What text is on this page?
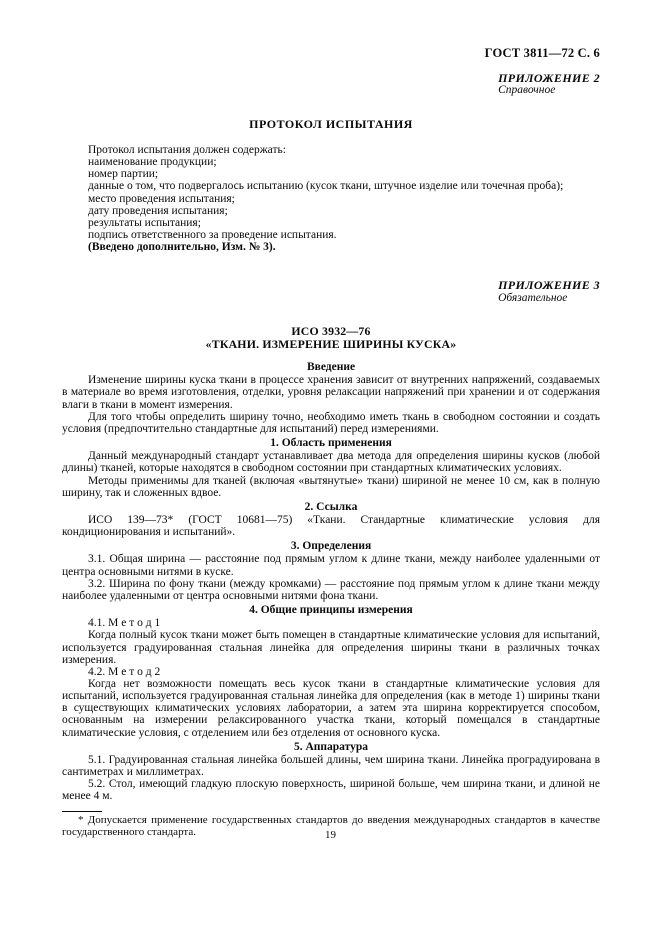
ГОСТ 3811—72 С. 6
ПРИЛОЖЕНИЕ 2
Справочное
ПРОТОКОЛ ИСПЫТАНИЯ
Протокол испытания должен содержать:
наименование продукции;
номер партии;
данные о том, что подвергалось испытанию (кусок ткани, штучное изделие или точечная проба);
место проведения испытания;
дату проведения испытания;
результаты испытания;
подпись ответственного за проведение испытания.
(Введено дополнительно, Изм. № 3).
ПРИЛОЖЕНИЕ 3
Обязательное
ИСО 3932—76
«ТКАНИ. ИЗМЕРЕНИЕ ШИРИНЫ КУСКА»
Введение

Изменение ширины куска ткани в процессе хранения зависит от внутренних напряжений, создаваемых в материале во время изготовления, отделки, уровня релаксации напряжений при хранении и от содержания влаги в ткани в момент измерения.

Для того чтобы определить ширину точно, необходимо иметь ткань в свободном состоянии и создать условия (предпочтительно стандартные для испытаний) перед измерениями.

1. Область применения

Данный международный стандарт устанавливает два метода для определения ширины кусков (любой длины) тканей, которые находятся в свободном состоянии при стандартных климатических условиях.

Методы применимы для тканей (включая «вытянутые» ткани) шириной не менее 10 см, как в полную ширину, так и сложенных вдвое.

2. Ссылка

ИСО 139—73* (ГОСТ 10681—75) «Ткани. Стандартные климатические условия для кондиционирования и испытаний».

3. Определения

3.1. Общая ширина — расстояние под прямым углом к длине ткани, между наиболее удаленными от центра основными нитями в куске.

3.2. Ширина по фону ткани (между кромками) — расстояние под прямым углом к длине ткани между наиболее удаленными от центра основными нитями фона ткани.

4. Общие принципы измерения
4.1. М е т о д 1

Когда полный кусок ткани может быть помещен в стандартные климатические условия для испытаний, используется градуированная стальная линейка для определения ширины ткани в различных точках измерения.

4.2. М е т о д 2

Когда нет возможности помещать весь кусок ткани в стандартные климатические условия для испытаний, используется градуированная стальная линейка для определения (как в методе 1) ширины ткани в существующих климатических условиях лаборатории, а затем эта ширина корректируется способом, основанным на измерении релаксированного участка ткани, который помещался в стандартные климатические условия, с отделением или без отделения от основного куска.

5. Аппаратура

5.1. Градуированная стальная линейка большей длины, чем ширина ткани. Линейка проградуирована в сантиметрах и миллиметрах.

5.2. Стол, имеющий гладкую плоскую поверхность, шириной больше, чем ширина ткани, и длиной не менее 4 м.

* Допускается применение государственных стандартов до введения международных стандартов в качестве государственного стандарта.	19
